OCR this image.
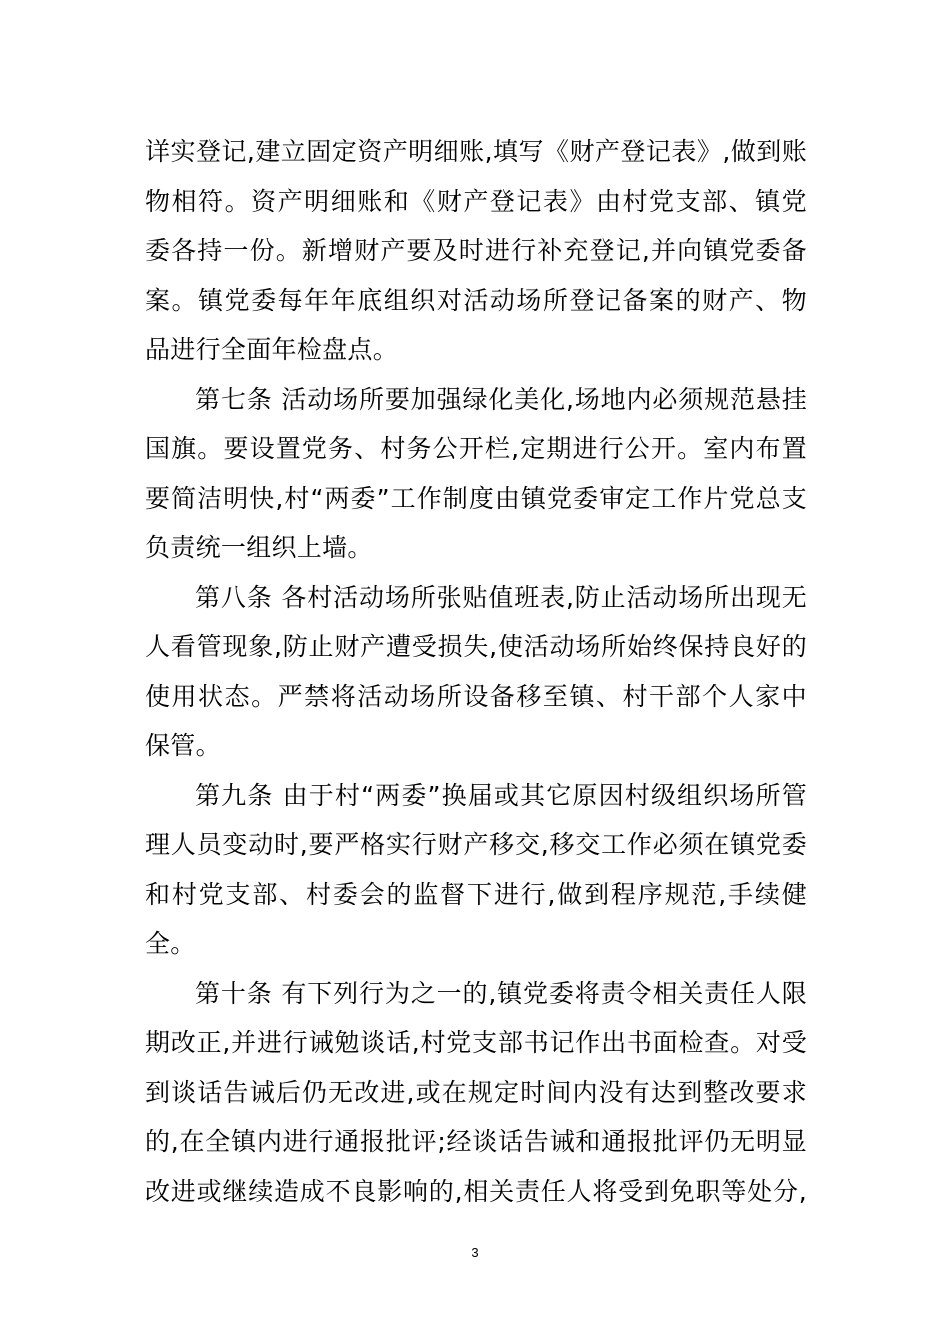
详实登记,建立固定资产明细账,填写《财产登记表》,做到账
物相符。资产明细账和《财产登记表》由村党支部、镇党
委各持一份。新增财产要及时进行补充登记,并向镇党委备
案。镇党委每年年底组织对活动场所登记备案的财产、物
品进行全面年检盘点。
第七条 活动场所要加强绿化美化,场地内必须规范悬挂
国旗。要设置党务、村务公开栏,定期进行公开。室内布置
要简洁明快,村“两委”工作制度由镇党委审定工作片党总支
负责统一组织上墙。
第八条 各村活动场所张贴值班表,防止活动场所出现无
人看管现象,防止财产遭受损失,使活动场所始终保持良好的
使用状态。严禁将活动场所设备移至镇、村干部个人家中
保管。
第九条 由于村“两委”换届或其它原因村级组织场所管
理人员变动时,要严格实行财产移交,移交工作必须在镇党委
和村党支部、村委会的监督下进行,做到程序规范,手续健
全。
第十条 有下列行为之一的,镇党委将责令相关责任人限
期改正,并进行诫勉谈话,村党支部书记作出书面检查。对受
到谈话告诫后仍无改进,或在规定时间内没有达到整改要求
的,在全镇内进行通报批评;经谈话告诫和通报批评仍无明显
改进或继续造成不良影响的,相关责任人将受到免职等处分,
3
